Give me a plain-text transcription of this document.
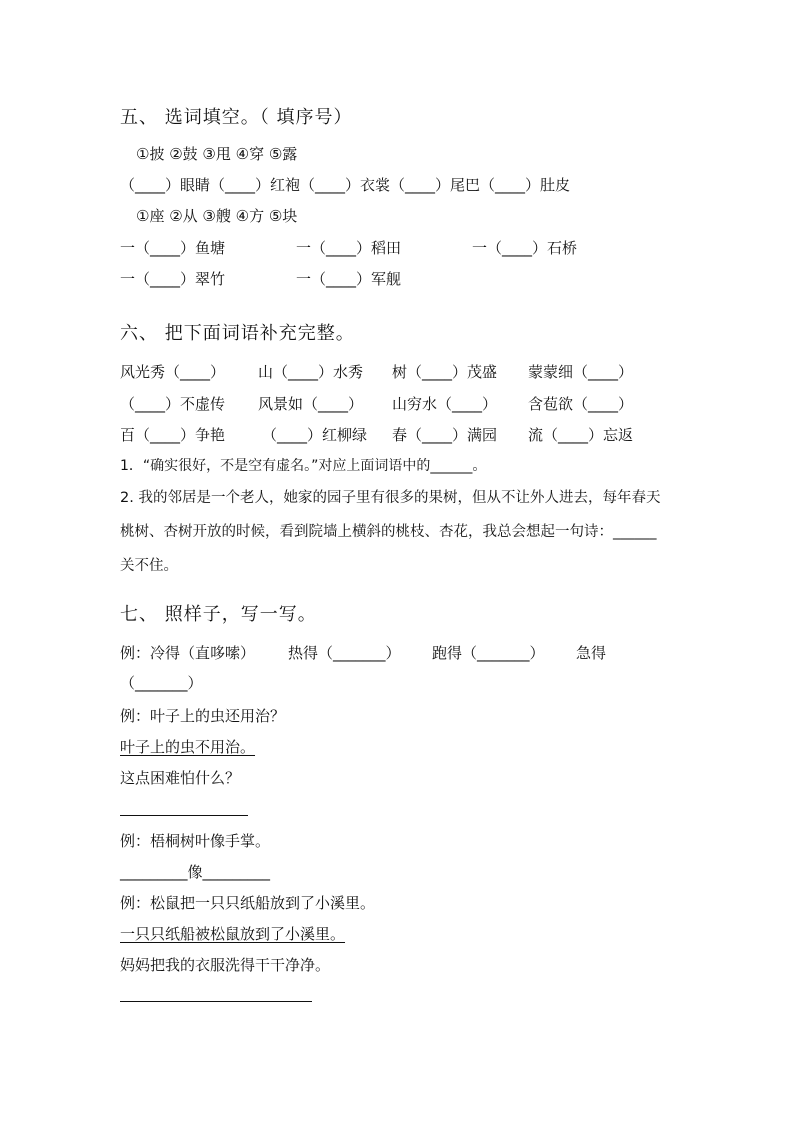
五、 选词填空。（ 填序号）
①披 ②鼓 ③甩 ④穿 ⑤露
（____）眼睛（____）红袍（____）衣裳（____）尾巴（____）肚皮
①座 ②从 ③艘 ④方 ⑤块
一（____）鱼塘	一（____）稻田	一（____）石桥
一（____）翠竹	一（____）军舰
六、 把下面词语补充完整。
风光秀（____） 山（____）水秀 树（____）茂盛 蒙蒙细（____）
（____）不虚传 风景如（____） 山穷水（____） 含苞欲（____）
百（____）争艳 （____）红柳绿 春（____）满园 流（____）忘返
1．“确实很好，不是空有虚名。”对应上面词语中的______。
2. 我的邻居是一个老人，她家的园子里有很多的果树，但从不让外人进去，每年春天桃树、杏树开放的时候，看到院墙上横斜的桃枝、杏花，我总会想起一句诗：______关不住。
七、 照样子，写一写。
例：冷得（直哆嗦） 热得（_______） 跑得（_______） 急得
（_______）
例：叶子上的虫还用治？
叶子上的虫不用治。
这点困难怕什么？
例：梧桐树叶像手掌。
_________像_________
例：松鼠把一只只纸船放到了小溪里。
一只只纸船被松鼠放到了小溪里。
妈妈把我的衣服洗得干干净净。
